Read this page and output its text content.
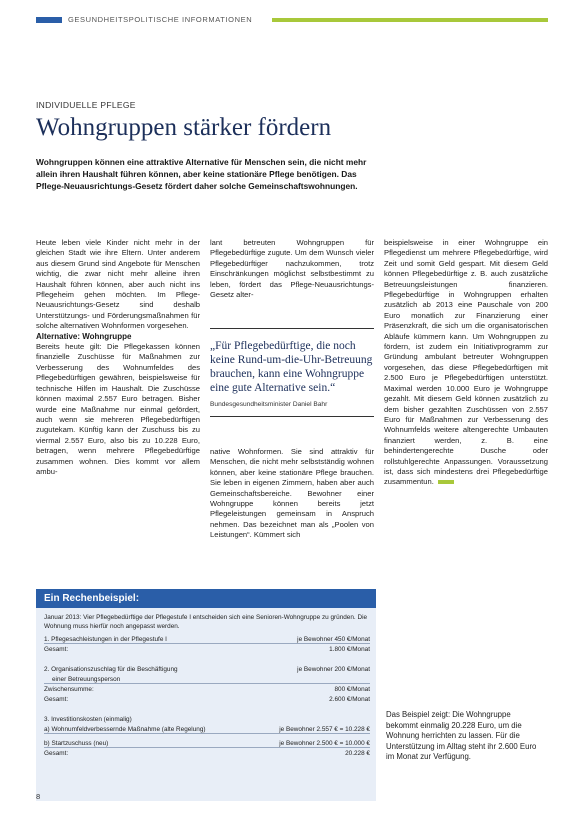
GESUNDHEITSPOLITISCHE INFORMATIONEN
INDIVIDUELLE PFLEGE
Wohngruppen stärker fördern
Wohngruppen können eine attraktive Alternative für Menschen sein, die nicht mehr allein ihren Haushalt führen können, aber keine stationäre Pflege benötigen. Das Pflege-Neuausrichtungs-Gesetz fördert daher solche Gemeinschaftswohnungen.

Heute leben viele Kinder nicht mehr in der gleichen Stadt wie ihre Eltern. Unter anderem aus diesem Grund sind Angebote für Menschen wichtig, die zwar nicht mehr alleine ihren Haushalt führen können, aber auch nicht ins Pflegeheim gehen möchten. Im Pflege-Neuausrichtungs-Gesetz sind deshalb Unterstützungs- und Förderungsmaßnahmen für solche alternativen Wohnformen vorgesehen.

Alternative: Wohngruppe

Bereits heute gilt: Die Pflegekassen können finanzielle Zuschüsse für Maßnahmen zur Verbesserung des Wohnumfeldes des Pflegebedürftigen gewähren, beispielsweise für technische Hilfen im Haushalt. Die Zuschüsse können maximal 2.557 Euro betragen. Bisher wurde eine Maßnahme nur einmal gefördert, auch wenn sie mehreren Pflegebedürftigen zugutekam. Künftig kann der Zuschuss bis zu viermal 2.557 Euro, also bis zu 10.228 Euro, betragen, wenn mehrere Pflegebedürftige zusammen wohnen. Dies kommt vor allem ambu-

lant betreuten Wohngruppen für Pflegebedürftige zugute. Um dem Wunsch vieler Pflegebedürftiger nachzukommen, trotz Einschränkungen möglichst selbstbestimmt zu leben, fördert das Pflege-Neuausrichtungs-Gesetz alter-

„Für Pflegebedürftige, die noch keine Rund-um-die-Uhr-Betreuung brauchen, kann eine Wohngruppe eine gute Alternative sein.“
Bundesgesundheitsminister Daniel Bahr

native Wohnformen. Sie sind attraktiv für Menschen, die nicht mehr selbstständig wohnen können, aber keine stationäre Pflege brauchen. Sie leben in eigenen Zimmern, haben aber auch Gemeinschaftsbereiche. Bewohner einer Wohngruppe können bereits jetzt Pflegeleistungen gemeinsam in Anspruch nehmen. Das bezeichnet man als „Poolen von Leistungen“. Kümmert sich

beispielsweise in einer Wohngruppe ein Pflegedienst um mehrere Pflegebedürftige, wird Zeit und somit Geld gespart. Mit diesem Geld können Pflegebedürftige z. B. auch zusätzliche Betreuungsleistungen finanzieren. Pflegebedürftige in Wohngruppen erhalten zusätzlich ab 2013 eine Pauschale von 200 Euro monatlich zur Finanzierung einer Präsenzkraft, die sich um die organisatorischen Abläufe kümmern kann. Um Wohngruppen zu fördern, ist zudem ein Initiativprogramm zur Gründung ambulant betreuter Wohngruppen vorgesehen, das diese Pflegebedürftigen mit 2.500 Euro je Pflegebedürftigen unterstützt. Maximal werden 10.000 Euro je Wohngruppe gezahlt. Mit diesem Geld können zusätzlich zu dem bisher gezahlten Zuschüssen von 2.557 Euro für Maßnahmen zur Verbesserung des Wohnumfelds weitere altengerechte Umbauten finanziert werden, z. B. eine behindertengerechte Dusche oder rollstuhlgerechte Anpassungen. Voraussetzung ist, dass sich mindestens drei Pflegebedürftige zusammentun.

Ein Rechenbeispiel:
Januar 2013: Vier Pflegebedürftige der Pflegestufe I entscheiden sich eine Senioren-Wohngruppe zu gründen. Die Wohnung muss hierfür noch angepasst werden.
1. Pflegesachleistungen in der Pflegestufe I	je Bewohner 450 €/Monat
Gesamt:	1.800 €/Monat
2. Organisationszuschlag für die Beschäftigung	je Bewohner 200 €/Monat
einer Betreuungsperson
Zwischensumme:	800 €/Monat
Gesamt:	2.600 €/Monat
3. Investitionskosten (einmalig)
a) Wohnumfeldverbessernde Maßnahme (alte Regelung)	je Bewohner 2.557 € = 10.228 €
b) Startzuschuss (neu)	je Bewohner 2.500 € = 10.000 €
Gesamt:	20.228 €
Das Beispiel zeigt: Die Wohngruppe bekommt einmalig 20.228 Euro, um die Wohnung herrichten zu lassen. Für die Unterstützung im Alltag steht ihr 2.600 Euro im Monat zur Verfügung.
8
